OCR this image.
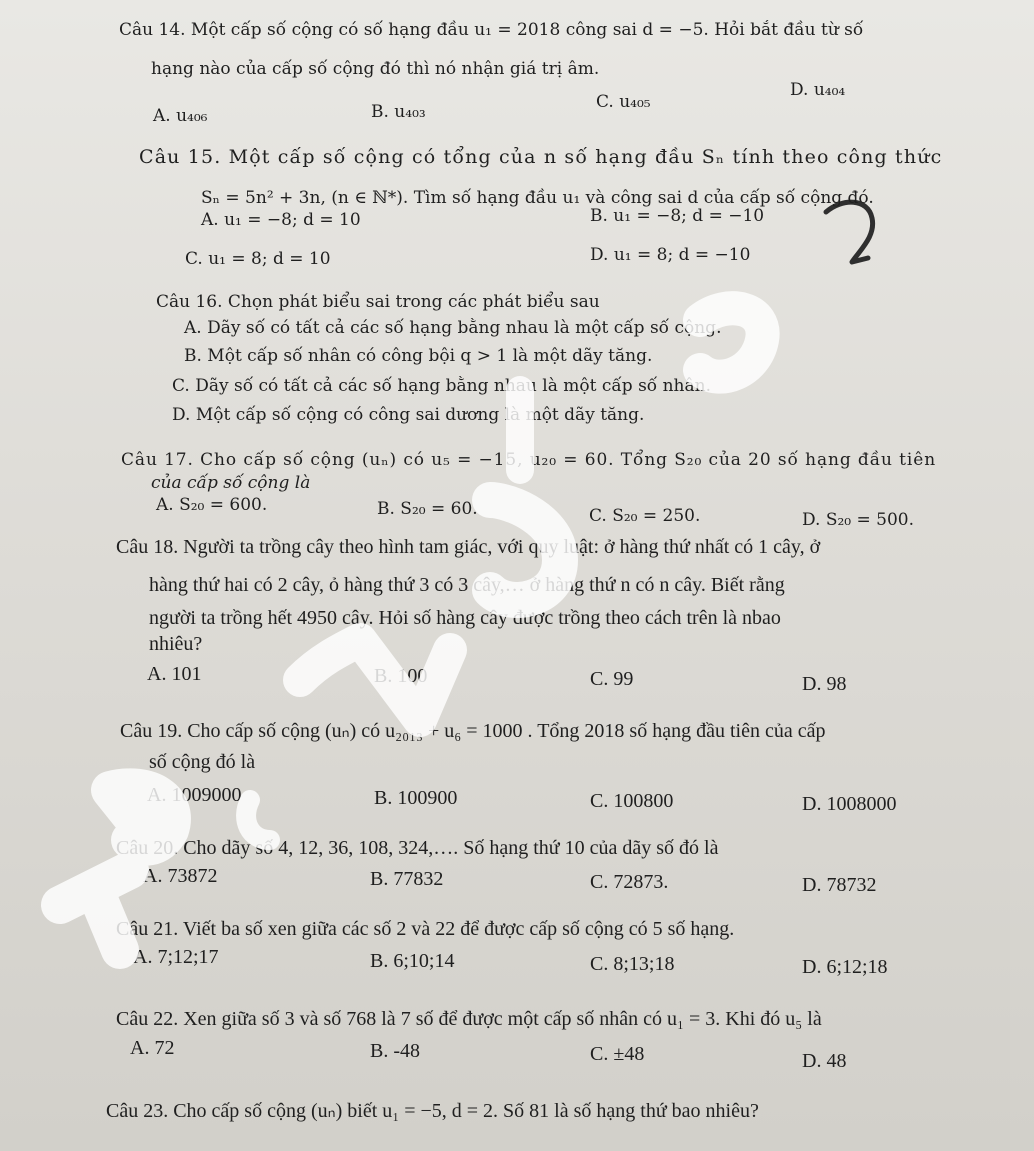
Câu 14. Một cấp số cộng có số hạng đầu u₁ = 2018 công sai d = −5. Hỏi bắt đầu từ số
hạng nào của cấp số cộng đó thì nó nhận giá trị âm.
A. u₄₀₆	B. u₄₀₃	C. u₄₀₅
D. u₄₀₄
Câu 15. Một cấp số cộng có tổng của n số hạng đầu Sₙ tính theo công thức
Sₙ = 5n² + 3n, (n ∈ ℕ*). Tìm số hạng đầu u₁ và công sai d của cấp số cộng đó.
A. u₁ = −8; d = 10	B. u₁ = −8; d = −10
C. u₁ = 8; d = 10	D. u₁ = 8; d = −10
Câu 16. Chọn phát biểu sai trong các phát biểu sau
A. Dãy số có tất cả các số hạng bằng nhau là một cấp số cộng.
B. Một cấp số nhân có công bội q > 1 là một dãy tăng.
C. Dãy số có tất cả các số hạng bằng nhau là một cấp số nhân.
D. Một cấp số cộng có công sai dương là một dãy tăng.
Câu 17. Cho cấp số cộng (uₙ) có u₅ = −15, u₂₀ = 60. Tổng S₂₀ của 20 số hạng đầu tiên
của cấp số cộng là
A. S₂₀ = 600.	B. S₂₀ = 60.	C. S₂₀ = 250.	D. S₂₀ = 500.
Câu 18. Người ta trồng cây theo hình tam giác, với quy luật: ở hàng thứ nhất có 1 cây, ở
hàng thứ hai có 2 cây, ỏ hàng thứ 3 có 3 cây,… ở hàng thứ n có n cây. Biết rằng
người ta trồng hết 4950 cây. Hỏi số hàng cây được trồng theo cách trên là nbao
nhiêu?
A. 101	B. 100	C. 99	D. 98
Câu 19. Cho cấp số cộng (uₙ) có u₂₀₁₃ + u₆ = 1000 . Tổng 2018 số hạng đầu tiên của cấp
số cộng đó là
A. 1009000	B. 100900	C. 100800	D. 1008000
Câu 20. Cho dãy số 4, 12, 36, 108, 324,…. Số hạng thứ 10 của dãy số đó là
A. 73872	B. 77832	C. 72873.	D. 78732
Câu 21. Viết ba số xen giữa các số 2 và 22 để được cấp số cộng có 5 số hạng.
A. 7;12;17	B. 6;10;14	C. 8;13;18	D. 6;12;18
Câu 22. Xen giữa số 3 và số 768 là 7 số để được một cấp số nhân có u₁ = 3. Khi đó u₅ là
A. 72	B. -48	C. ±48	D. 48
Câu 23. Cho cấp số cộng (uₙ) biết u₁ = −5, d = 2. Số 81 là số hạng thứ bao nhiêu?
